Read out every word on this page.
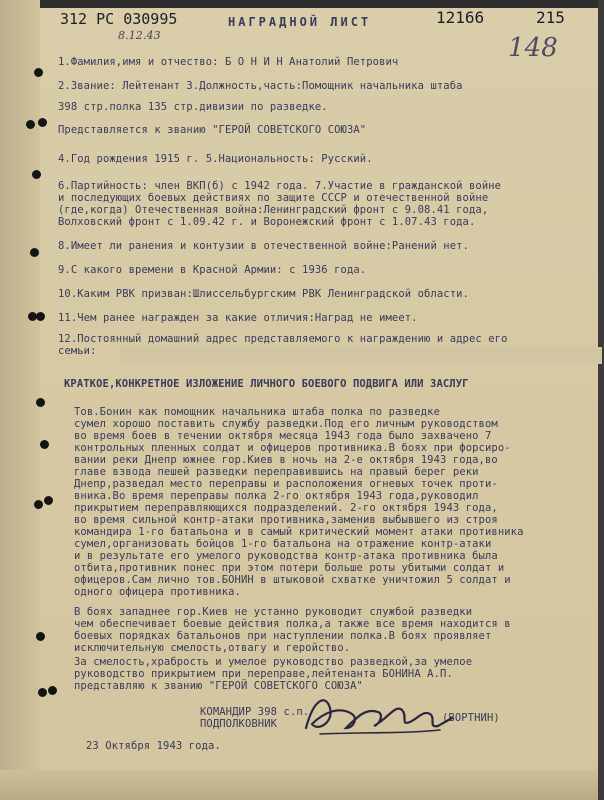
312 РС 030995
8.12.43
НАГРАДНОЙ ЛИСТ	12166	215
148
1.Фамилия,имя и отчество: Б О Н И Н Анатолий Петрович
2.Звание: Лейтенант 3.Должность,часть:Помощник начальника штаба
398 стр.полка 135 стр.дивизии по разведке.
Представляется к званию "ГЕРОЙ СОВЕТСКОГО СОЮЗА"
4.Год рождения 1915 г. 5.Национальность: Русский.
6.Партийность: член ВКП(б) с 1942 года. 7.Участие в гражданской войне
и последующих боевых действиях по защите СССР и отечественной войне
(где,когда) Отечественная война:Ленинградский фронт с 9.08.41 года,
Волховский фронт с 1.09.42 г. и Воронежский фронт с 1.07.43 года.
8.Имеет ли ранения и контузии в отечественной войне:Ранений нет.
9.С какого времени в Красной Армии: с 1936 года.
10.Каким РВК призван:Шлиссельбургским РВК Ленинградской области.
11.Чем ранее награжден за какие отличия:Наград не имеет.
12.Постоянный домашний адрес представляемого к награждению и адрес его
семьи:
КРАТКОЕ,КОНКРЕТНОЕ ИЗЛОЖЕНИЕ ЛИЧНОГО БОЕВОГО ПОДВИГА ИЛИ ЗАСЛУГ
Тов.Бонин как помощник начальника штаба полка по разведке
сумел хорошо поставить службу разведки.Под его личным руководством
во время боев в течении октября месяца 1943 года было захвачено 7
контрольных пленных солдат и офицеров противника.В боях при форсиро-
вании реки Днепр южнее гор.Киев в ночь на 2-е октября 1943 года,во
главе взвода пешей разведки переправившись на правый берег реки
Днепр,разведал место переправы и расположения огневых точек проти-
вника.Во время переправы полка 2-го октября 1943 года,руководил
прикрытием переправляющихся подразделений. 2-го октября 1943 года,
во время сильной контр-атаки противника,заменив выбывшего из строя
командира 1-го батальона и в самый критический момент атаки противника
сумел,организовать бойцов 1-го батальона на отражение контр-атаки
и в результате его умелого руководства контр-атака противника была
отбита,противник понес при этом потери больше роты убитыми солдат и
офицеров.Сам лично тов.БОНИН в штыковой схватке уничтожил 5 солдат и
одного офицера противника.
В боях западнее гор.Киев не устанно руководит службой разведки
чем обеспечивает боевые действия полка,а также все время находится в
боевых порядках батальонов при наступлении полка.В боях проявляет
исключительную смелость,отвагу и геройство.
За смелость,храбрость и умелое руководство разведкой,за умелое
руководство прикрытием при переправе,лейтенанта БОНИНА А.П.
представляю к званию "ГЕРОЙ СОВЕТСКОГО СОЮЗА"
КОМАНДИР 398 с.п.
ПОДПОЛКОВНИК	(ВОРТНИН)
23 Октября 1943 года.
